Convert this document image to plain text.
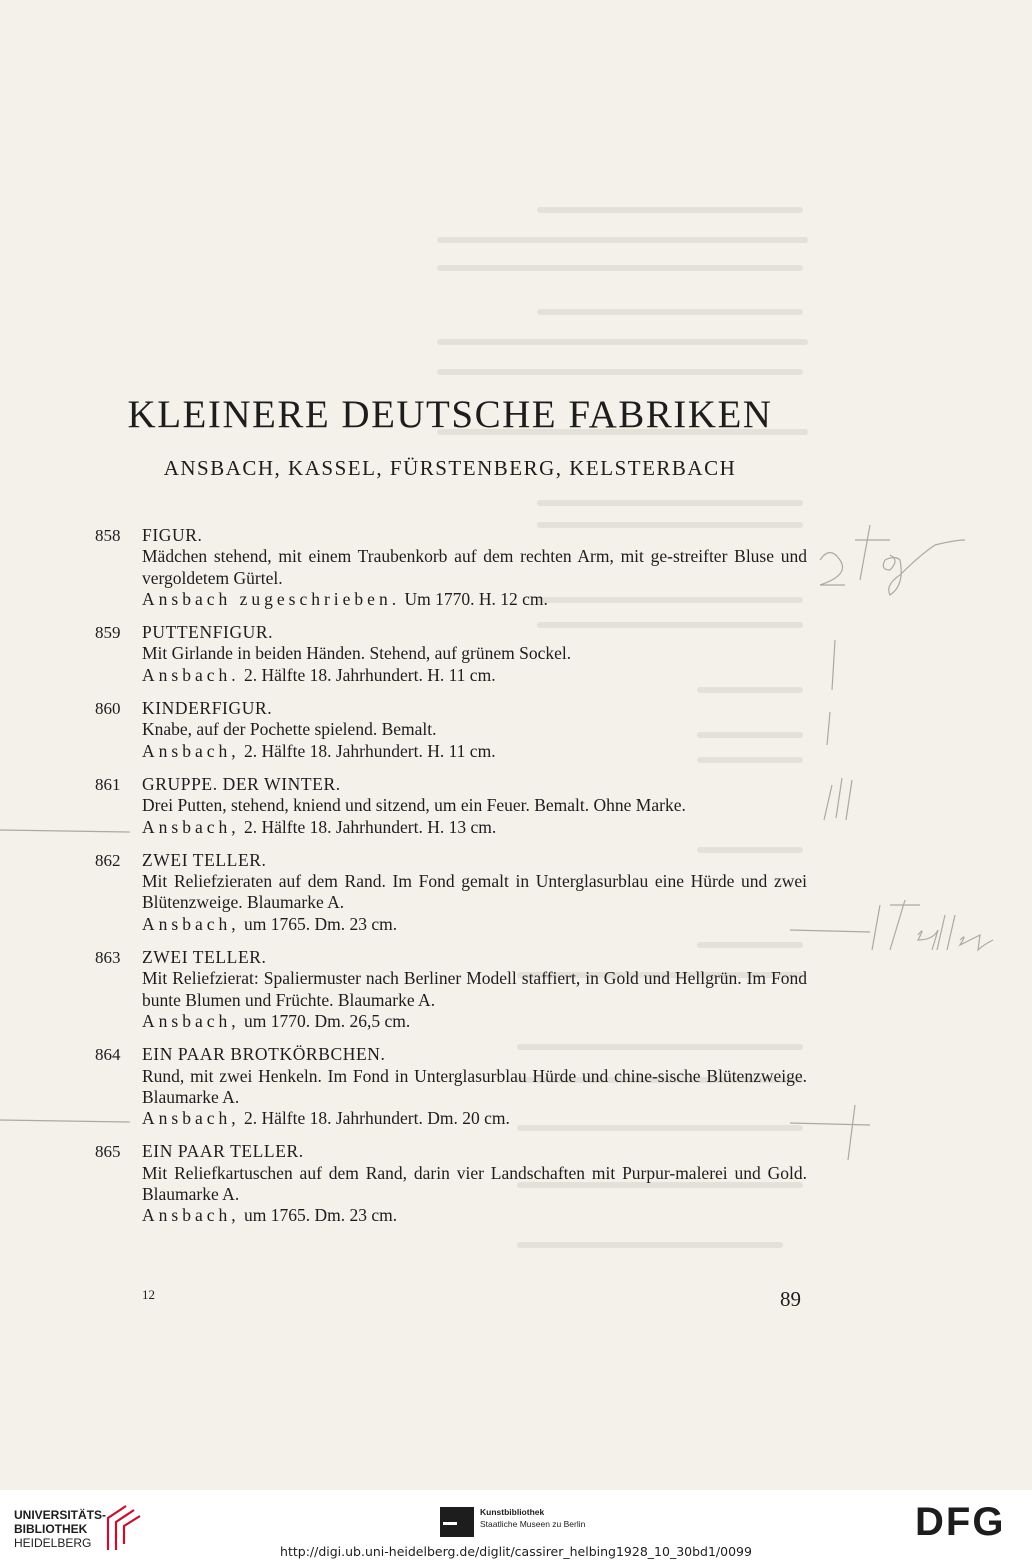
KLEINERE DEUTSCHE FABRIKEN
ANSBACH, KASSEL, FÜRSTENBERG, KELSTERBACH
858	FIGUR.
Mädchen stehend, mit einem Traubenkorb auf dem rechten Arm, mit ge-streifter Bluse und vergoldetem Gürtel.
Ansbach zugeschrieben. Um 1770. H. 12 cm.
859	PUTTENFIGUR.
Mit Girlande in beiden Händen. Stehend, auf grünem Sockel.
Ansbach. 2. Hälfte 18. Jahrhundert. H. 11 cm.
860	KINDERFIGUR.
Knabe, auf der Pochette spielend. Bemalt.
Ansbach, 2. Hälfte 18. Jahrhundert. H. 11 cm.
861	GRUPPE. DER WINTER.
Drei Putten, stehend, kniend und sitzend, um ein Feuer. Bemalt. Ohne Marke.
Ansbach, 2. Hälfte 18. Jahrhundert. H. 13 cm.
862	ZWEI TELLER.
Mit Reliefzieraten auf dem Rand. Im Fond gemalt in Unterglasurblau eine Hürde und zwei Blütenzweige. Blaumarke A.
Ansbach, um 1765. Dm. 23 cm.
863	ZWEI TELLER.
Mit Reliefzierat: Spaliermuster nach Berliner Modell staffiert, in Gold und Hellgrün. Im Fond bunte Blumen und Früchte. Blaumarke A.
Ansbach, um 1770. Dm. 26,5 cm.
864	EIN PAAR BROTKÖRBCHEN.
Rund, mit zwei Henkeln. Im Fond in Unterglasurblau Hürde und chine-sische Blütenzweige. Blaumarke A.
Ansbach, 2. Hälfte 18. Jahrhundert. Dm. 20 cm.
865	EIN PAAR TELLER.
Mit Reliefkartuschen auf dem Rand, darin vier Landschaften mit Purpur-malerei und Gold. Blaumarke A.
Ansbach, um 1765. Dm. 23 cm.
12	89
UNIVERSITÄTS-
BIBLIOTHEK
HEIDELBERG
Kunstbibliothek
Staatliche Museen zu Berlin	DFG
http://digi.ub.uni-heidelberg.de/diglit/cassirer_helbing1928_10_30bd1/0099
